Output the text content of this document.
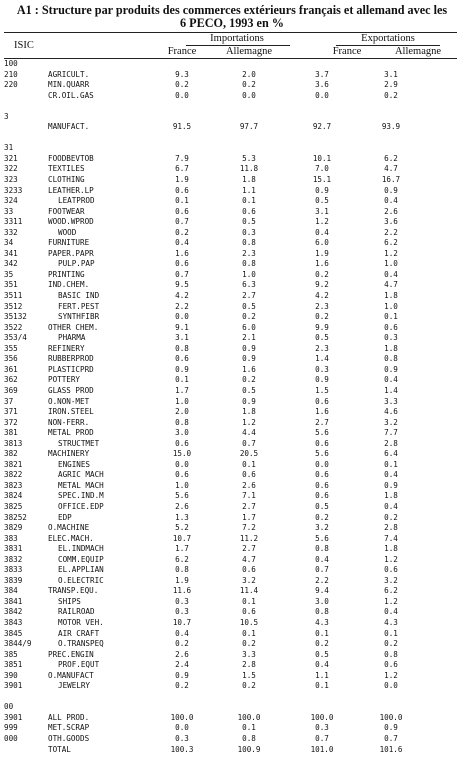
A1 : Structure par produits des commerces extérieurs français et allemand avec les
6 PECO, 1993 en %
ISIC
Importations	Exportations
France	Allemagne	France	Allemagne
100
210	AGRICULT.	9.3	2.0	3.7	3.1
220	MIN.QUARR	0.2	0.2	3.6	2.9
CR.OIL.GAS	0.0	0.0	0.0	0.2
3
MANUFACT.	91.5	97.7	92.7	93.9
31
321	FOODBEVTOB	7.9	5.3	10.1	6.2
322	TEXTILES	6.7	11.8	7.0	4.7
323	CLOTHING	1.9	1.8	15.1	16.7
3233	LEATHER.LP	0.6	1.1	0.9	0.9
324	LEATPROD	0.1	0.1	0.5	0.4
33	FOOTWEAR	0.6	0.6	3.1	2.6
3311	WOOD.WPROD	0.7	0.5	1.2	3.6
332	WOOD	0.2	0.3	0.4	2.2
34	FURNITURE	0.4	0.8	6.0	6.2
341	PAPER.PAPR	1.6	2.3	1.9	1.2
342	PULP.PAP	0.6	0.8	1.6	1.0
35	PRINTING	0.7	1.0	0.2	0.4
351	IND.CHEM.	9.5	6.3	9.2	4.7
3511	BASIC IND	4.2	2.7	4.2	1.8
3512	FERT.PEST	2.2	0.5	2.3	1.0
35132	SYNTHFIBR	0.0	0.2	0.2	0.1
3522	OTHER CHEM.	9.1	6.0	9.9	0.6
353/4	PHARMA	3.1	2.1	0.5	0.3
355	REFINERY	0.8	0.9	2.3	1.8
356	RUBBERPROD	0.6	0.9	1.4	0.8
361	PLASTICPRD	0.9	1.6	0.3	0.9
362	POTTERY	0.1	0.2	0.9	0.4
369	GLASS PROD	1.7	0.5	1.5	1.4
37	O.NON-MET	1.0	0.9	0.6	3.3
371	IRON.STEEL	2.0	1.8	1.6	4.6
372	NON-FERR.	0.8	1.2	2.7	3.2
381	METAL PROD	3.0	4.4	5.6	7.7
3813	STRUCTMET	0.6	0.7	0.6	2.8
382	MACHINERY	15.0	20.5	5.6	6.4
3821	ENGINES	0.0	0.1	0.0	0.1
3822	AGRIC MACH	0.6	0.6	0.6	0.4
3823	METAL MACH	1.0	2.6	0.6	0.9
3824	SPEC.IND.M	5.6	7.1	0.6	1.8
3825	OFFICE.EDP	2.6	2.7	0.5	0.4
38252	EDP	1.3	1.7	0.2	0.2
3829	O.MACHINE	5.2	7.2	3.2	2.8
383	ELEC.MACH.	10.7	11.2	5.6	7.4
3831	EL.INDMACH	1.7	2.7	0.8	1.8
3832	COMM.EQUIP	6.2	4.7	0.4	1.2
3833	EL.APPLIAN	0.8	0.6	0.7	0.6
3839	O.ELECTRIC	1.9	3.2	2.2	3.2
384	TRANSP.EQU.	11.6	11.4	9.4	6.2
3841	SHIPS	0.3	0.1	3.0	1.2
3842	RAILROAD	0.3	0.6	0.8	0.4
3843	MOTOR VEH.	10.7	10.5	4.3	4.3
3845	AIR CRAFT	0.4	0.1	0.1	0.1
3844/9	O.TRANSPEQ	0.2	0.2	0.2	0.2
385	PREC.ENGIN	2.6	3.3	0.5	0.8
3851	PROF.EQUT	2.4	2.8	0.4	0.6
390	O.MANUFACT	0.9	1.5	1.1	1.2
3901	JEWELRY	0.2	0.2	0.1	0.0
00
3901	ALL PROD.	100.0	100.0	100.0	100.0
999	MET.SCRAP	0.0	0.1	0.3	0.9
000	OTH.GOODS	0.3	0.8	0.7	0.7
TOTAL	100.3	100.9	101.0	101.6
